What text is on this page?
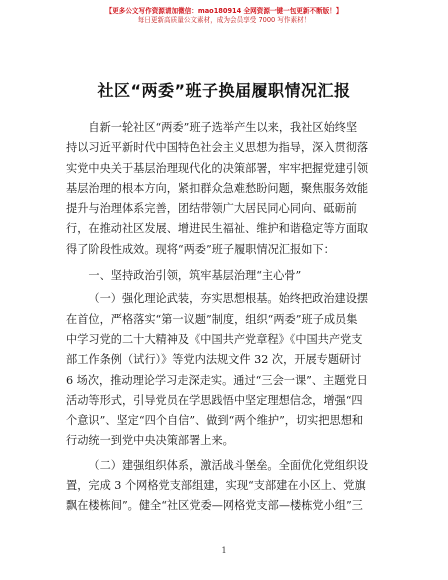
【更多公文写作资源请加微信：mao180914 全网资源一键一包更新不断版！】
每日更新高质量公文素材，成为会员享受 7000 写作素材！
社区“两委”班子换届履职情况汇报

自新一轮社区“两委”班子选举产生以来，我社区始终坚
持以习近平新时代中国特色社会主义思想为指导，深入贯彻落
实党中央关于基层治理现代化的决策部署，牢牢把握党建引领
基层治理的根本方向，紧扣群众急难愁盼问题，聚焦服务效能
提升与治理体系完善，团结带领广大居民同心同向、砥砺前
行，在推动社区发展、增进民生福祉、维护和谐稳定等方面取
得了阶段性成效。现将“两委”班子履职情况汇报如下：

一、坚持政治引领，筑牢基层治理“主心骨”

（一）强化理论武装，夯实思想根基。始终把政治建设摆
在首位，严格落实“第一议题”制度，组织“两委”班子成员集
中学习党的二十大精神及《中国共产党章程》《中国共产党支
部工作条例（试行）》等党内法规文件 32 次，开展专题研讨
6 场次，推动理论学习走深走实。通过“三会一课”、主题党日
活动等形式，引导党员在学思践悟中坚定理想信念，增强“四
个意识”、坚定“四个自信”、做到“两个维护”，切实把思想和
行动统一到党中央决策部署上来。

（二）建强组织体系，激活战斗堡垒。全面优化党组织设
置，完成 3 个网格党支部组建，实现“支部建在小区上、党旗
飘在楼栋间”。健全“社区党委—网格党支部—楼栋党小组”三

1
